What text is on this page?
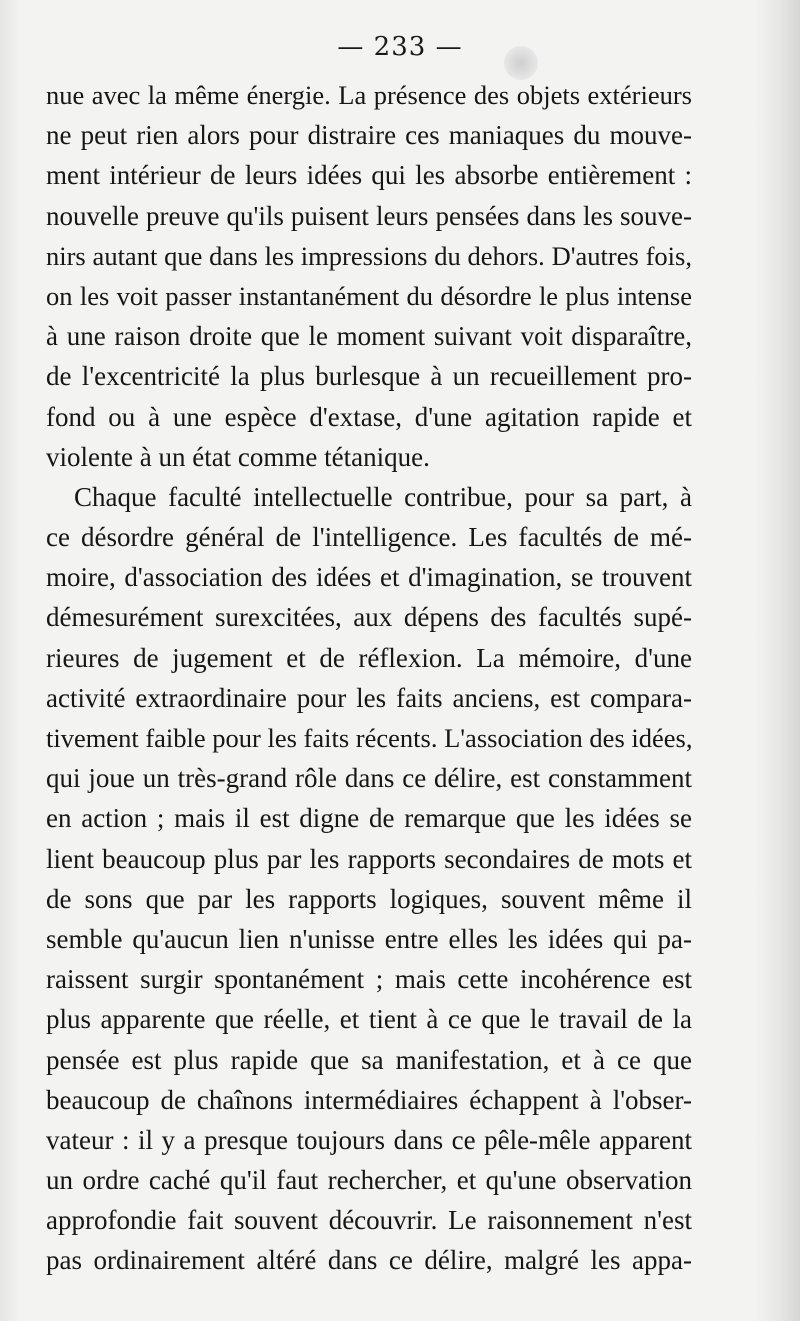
— 233 —
nue avec la même énergie. La présence des objets extérieurs
ne peut rien alors pour distraire ces maniaques du mouve-
ment intérieur de leurs idées qui les absorbe entièrement :
nouvelle preuve qu'ils puisent leurs pensées dans les souve-
nirs autant que dans les impressions du dehors. D'autres fois,
on les voit passer instantanément du désordre le plus intense
à une raison droite que le moment suivant voit disparaître,
de l'excentricité la plus burlesque à un recueillement pro-
fond ou à une espèce d'extase, d'une agitation rapide et
violente à un état comme tétanique.
Chaque faculté intellectuelle contribue, pour sa part, à
ce désordre général de l'intelligence. Les facultés de mé-
moire, d'association des idées et d'imagination, se trouvent
démesurément surexcitées, aux dépens des facultés supé-
rieures de jugement et de réflexion. La mémoire, d'une
activité extraordinaire pour les faits anciens, est compara-
tivement faible pour les faits récents. L'association des idées,
qui joue un très-grand rôle dans ce délire, est constamment
en action ; mais il est digne de remarque que les idées se
lient beaucoup plus par les rapports secondaires de mots et
de sons que par les rapports logiques, souvent même il
semble qu'aucun lien n'unisse entre elles les idées qui pa-
raissent surgir spontanément ; mais cette incohérence est
plus apparente que réelle, et tient à ce que le travail de la
pensée est plus rapide que sa manifestation, et à ce que
beaucoup de chaînons intermédiaires échappent à l'obser-
vateur : il y a presque toujours dans ce pêle-mêle apparent
un ordre caché qu'il faut rechercher, et qu'une observation
approfondie fait souvent découvrir. Le raisonnement n'est
pas ordinairement altéré dans ce délire, malgré les appa-
